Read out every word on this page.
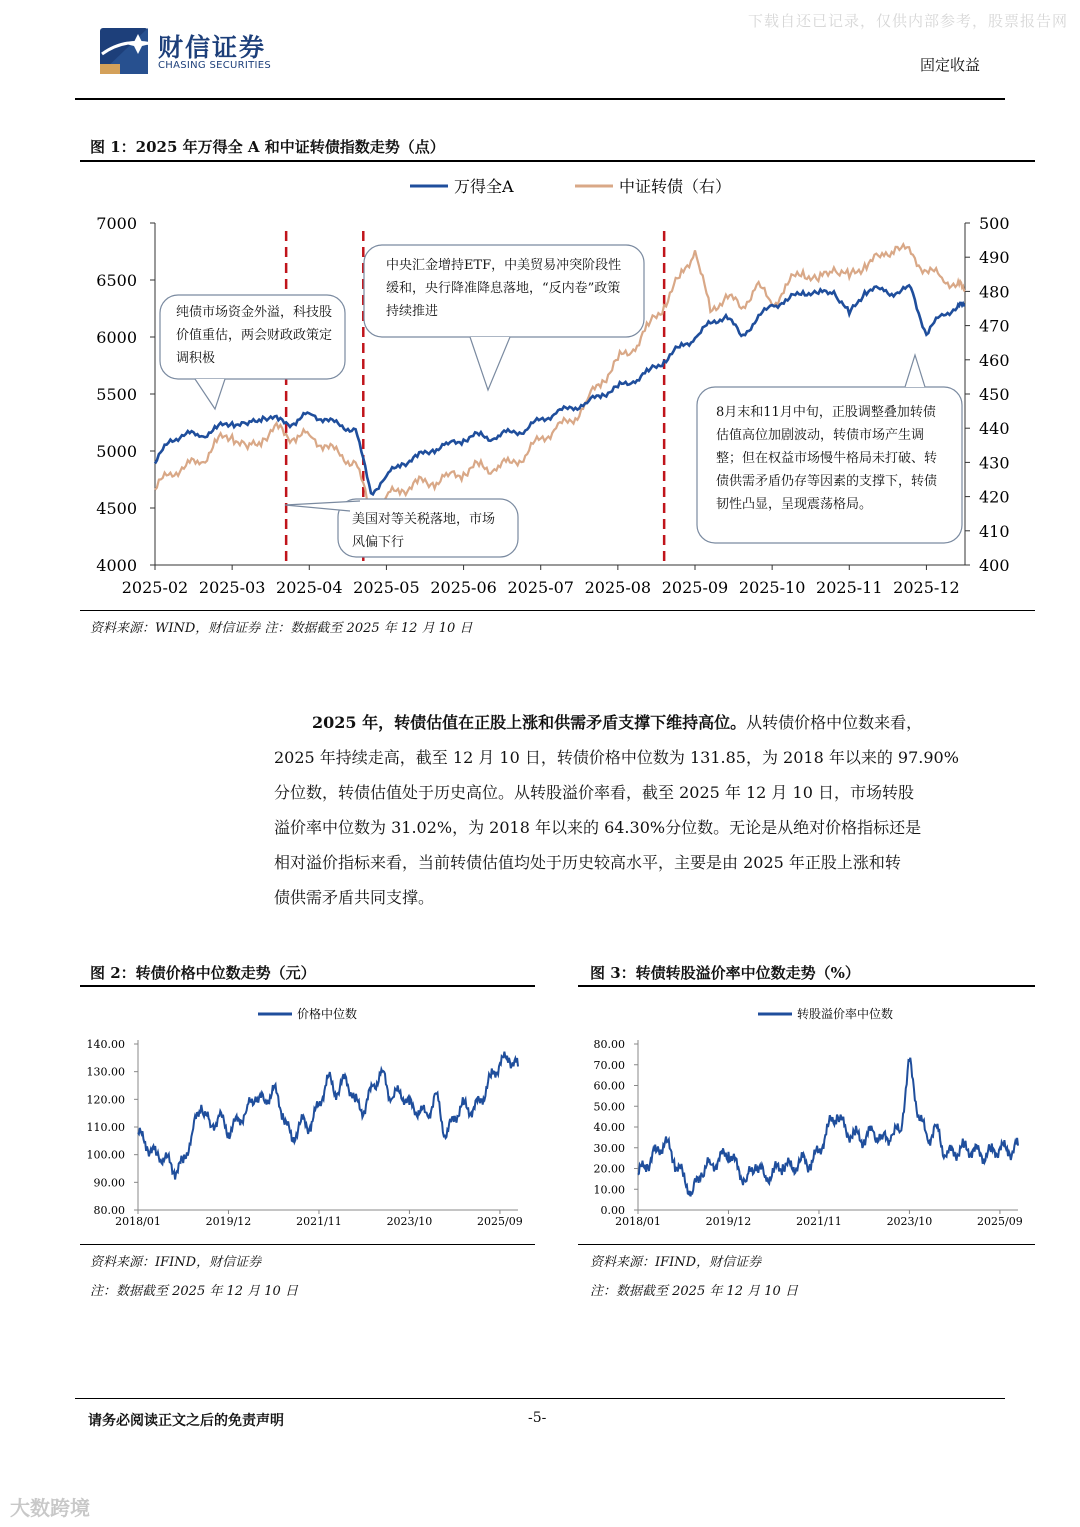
下载自还已记录，仅供内部参考，股票报告网
财信证券
CHASING SECURITIES	固定收益
图 1：2025 年万得全 A 和中证转债指数走势（点）
4000
4500
5000
5500
6000
6500
7000
400
410
420
430
440
450
460
470
480
490
500
2025-02 2025-03 2025-04 2025-05 2025-06 2025-07 2025-08 2025-09 2025-10 2025-11 2025-12
万得全A	中证转债（右）
纯债市场资金外溢，科技股价值重估，两会财政政策定调积极
中央汇金增持ETF，中美贸易冲突阶段性缓和，央行降准降息落地，“反内卷”政策持续推进
美国对等关税落地，市场风偏下行
8月末和11月中旬，正股调整叠加转债估值高位加剧波动，转债市场产生调整；但在权益市场慢牛格局未打破、转债供需矛盾仍存等因素的支撑下，转债韧性凸显，呈现震荡格局。
资料来源：WIND，财信证券 注：数据截至 2025 年 12 月 10 日
2025 年，转债估值在正股上涨和供需矛盾支撑下维持高位。从转债价格中位数来看，
2025 年持续走高，截至 12 月 10 日，转债价格中位数为 131.85，为 2018 年以来的 97.90%
分位数，转债估值处于历史高位。从转股溢价率看，截至 2025 年 12 月 10 日，市场转股
溢价率中位数为 31.02%，为 2018 年以来的 64.30%分位数。无论是从绝对价格指标还是
相对溢价指标来看，当前转债估值均处于历史较高水平，主要是由 2025 年正股上涨和转
债供需矛盾共同支撑。
图 2：转债价格中位数走势（元）
80.00
90.00
100.00
110.00
120.00
130.00
140.00
2018/01	2019/12	2021/11	2023/10	2025/09
价格中位数
资料来源：IFIND，财信证券
注：数据截至 2025 年 12 月 10 日
图 3：转债转股溢价率中位数走势（%）
0.00
10.00
20.00
30.00
40.00
50.00
60.00
70.00
80.00
2018/01	2019/12	2021/11	2023/10	2025/09
转股溢价率中位数
资料来源：IFIND，财信证券
注：数据截至 2025 年 12 月 10 日
请务必阅读正文之后的免责声明	-5-
大数跨境
